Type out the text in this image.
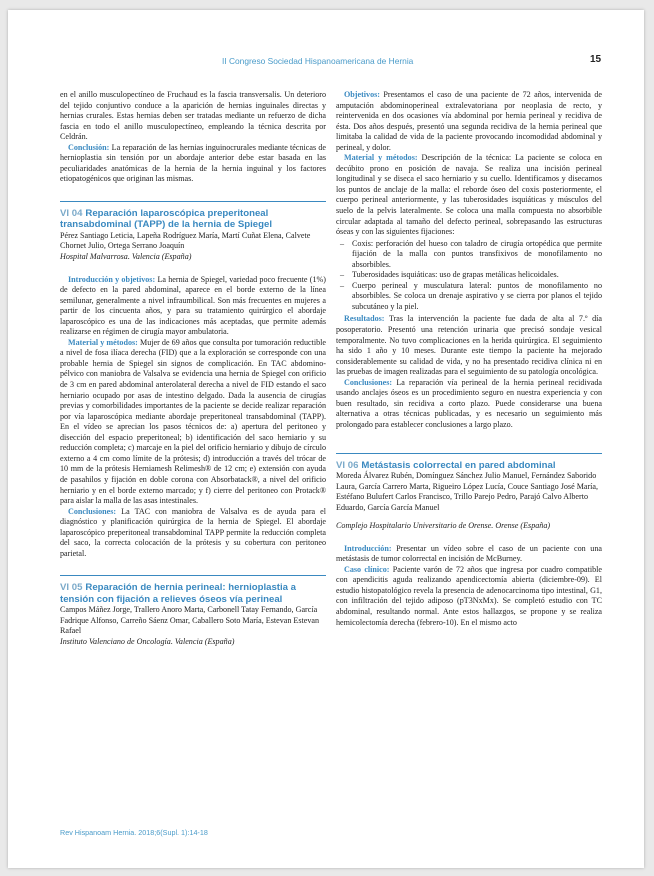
II Congreso Sociedad Hispanoamericana de Hernia	15

en el anillo musculopectíneo de Fruchaud es la fascia transversalis. Un deterioro del tejido conjuntivo conduce a la aparición de hernias inguinales directas y hernias crurales. Estas hernias deben ser tratadas mediante un refuerzo de dicha fascia en todo el anillo musculopectíneo, empleando la técnica descrita por Celdrán.

Conclusión: La reparación de las hernias inguinocrurales mediante técnicas de hernioplastia sin tensión por un abordaje anterior debe estar basada en las peculiaridades anatómicas de la hernia de la hernia inguinal y los factores etiopatogénicos que originan las mismas.

VI 04 Reparación laparoscópica preperitoneal transabdominal (TAPP) de la hernia de Spiegel

Pérez Santiago Leticia, Lapeña Rodríguez María, Martí Cuñat Elena, Calvete Chornet Julio, Ortega Serrano Joaquín

Hospital Malvarrosa. Valencia (España)

Introducción y objetivos: La hernia de Spiegel, variedad poco frecuente (1%) de defecto en la pared abdominal, aparece en el borde externo de la línea semilunar, generalmente a nivel infraumbilical. Son más frecuentes en mujeres a partir de los cincuenta años, y para su tratamiento quirúrgico el abordaje laparoscópico es una de las indicaciones más aceptadas, que permite además realizarse en régimen de cirugía mayor ambulatoria.

Material y métodos: Mujer de 69 años que consulta por tumoración reductible a nivel de fosa ilíaca derecha (FID) que a la exploración se corresponde con una probable hernia de Spiegel sin signos de complicación. En TAC abdomino-pélvico con maniobra de Valsalva se evidencia una hernia de Spiegel con orificio de 3 cm en pared abdominal anterolateral derecha a nivel de FID estando el saco herniario ocupado por asas de intestino delgado. Dada la ausencia de cirugías previas y comorbilidades importantes de la paciente se decide realizar reparación por vía laparoscópica mediante abordaje preperitoneal transabdominal (TAPP). En el vídeo se aprecian los pasos técnicos de: a) apertura del peritoneo y disección del espacio preperitoneal; b) identificación del saco herniario y su reducción completa; c) marcaje en la piel del orificio herniario y dibujo de círculo externo a 4 cm como límite de la prótesis; d) introducción a través del trócar de 10 mm de la prótesis Herniamesh Relimesh® de 12 cm; e) extensión con ayuda de pasahilos y fijación en doble corona con Absorbatack®, a nivel del orificio herniario y en el borde externo marcado; y f) cierre del peritoneo con Protack® para aislar la malla de las asas intestinales.

Conclusiones: La TAC con maniobra de Valsalva es de ayuda para el diagnóstico y planificación quirúrgica de la hernia de Spiegel. El abordaje laparoscópico preperitoneal transabdominal TAPP permite la reducción completa del saco, la correcta colocación de la prótesis y su cobertura con peritoneo parietal.

VI 05 Reparación de hernia perineal: hernioplastia a tensión con fijación a relieves óseos vía perineal

Campos Máñez Jorge, Trallero Anoro Marta, Carbonell Tatay Fernando, García Fadrique Alfonso, Carreño Sáenz Omar, Caballero Soto María, Estevan Estevan Rafael

Instituto Valenciano de Oncología. Valencia (España)

Objetivos: Presentamos el caso de una paciente de 72 años, intervenida de amputación abdominoperineal extralevatoriana por neoplasia de recto, y reintervenida en dos ocasiones vía abdominal por hernia perineal y recidiva de ésta. Dos años después, presentó una segunda recidiva de la hernia perineal que limitaba la calidad de vida de la paciente provocando incomodidad abdominal y perineal, y dolor.

Material y métodos: Descripción de la técnica: La paciente se coloca en decúbito prono en posición de navaja. Se realiza una incisión perineal longitudinal y se diseca el saco herniario y su cuello. Identificamos y disecamos los puntos de anclaje de la malla: el reborde óseo del coxis posteriormente, el cuerpo perineal anteriormente, y las tuberosidades isquiáticas y músculos del suelo de la pelvis lateralmente. Se coloca una malla compuesta no absorbible circular adaptada al tamaño del defecto perineal, sobrepasando las estructuras óseas y con las siguientes fijaciones:

– Coxis: perforación del hueso con taladro de cirugía ortopédica que permite fijación de la malla con puntos transfixivos de monofilamento no absorbibles.
– Tuberosidades isquiáticas: uso de grapas metálicas helicoidales.
– Cuerpo perineal y musculatura lateral: puntos de monofilamento no absorbibles. Se coloca un drenaje aspirativo y se cierra por planos el tejido subcutáneo y la piel.

Resultados: Tras la intervención la paciente fue dada de alta al 7.º día posoperatorio. Presentó una retención urinaria que precisó sondaje vesical temporalmente. No tuvo complicaciones en la herida quirúrgica. El seguimiento ha sido 1 año y 10 meses. Durante este tiempo la paciente ha mejorado considerablemente su calidad de vida, y no ha presentado recidiva clínica ni en las pruebas de imagen realizadas para el seguimiento de su patología oncológica.

Conclusiones: La reparación vía perineal de la hernia perineal recidivada usando anclajes óseos es un procedimiento seguro en nuestra experiencia y con buen resultado, sin recidiva a corto plazo. Puede considerarse una buena alternativa a otras técnicas publicadas, y es necesario un seguimiento más prolongado para establecer conclusiones a largo plazo.

VI 06 Metástasis colorrectal en pared abdominal

Moreda Álvarez Rubén, Domínguez Sánchez Julio Manuel, Fernández Saborido Laura, García Carrero Marta, Rigueiro López Lucía, Couce Santiago José María, Estéfano Bulufert Carlos Francisco, Trillo Parejo Pedro, Parajó Calvo Alberto Eduardo, García García Manuel

Complejo Hospitalario Universitario de Orense. Orense (España)

Introducción: Presentar un vídeo sobre el caso de un paciente con una metástasis de tumor colorrectal en incisión de McBurney.

Caso clínico: Paciente varón de 72 años que ingresa por cuadro compatible con apendicitis aguda realizando apendicectomía abierta (diciembre-09). El estudio histopatológico revela la presencia de adenocarcinoma tipo intestinal, G1, con infiltración del tejido adiposo (pT3NxMx). Se completó estudio con TC abdominal, resultando normal. Ante estos hallazgos, se propone y se realiza hemicolectomía derecha (febrero-10). En el mismo acto

Rev Hispanoam Hernia. 2018;6(Supl. 1):14-18
